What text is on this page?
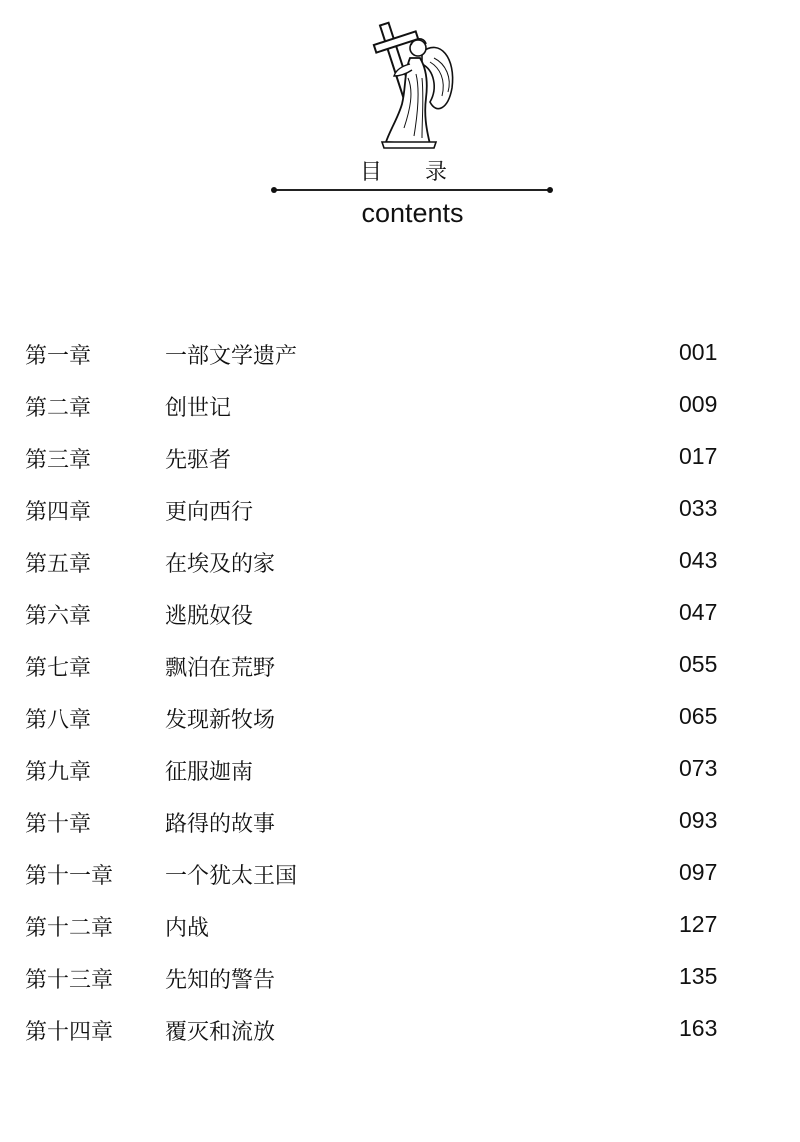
目 录
contents
第一章	一部文学遗产	001
第二章	创世记	009
第三章	先驱者	017
第四章	更向西行	033
第五章	在埃及的家	043
第六章	逃脱奴役	047
第七章	飘泊在荒野	055
第八章	发现新牧场	065
第九章	征服迦南	073
第十章	路得的故事	093
第十一章 一个犹太王国	097
第十二章 内战	127
第十三章 先知的警告	135
第十四章 覆灭和流放	163
